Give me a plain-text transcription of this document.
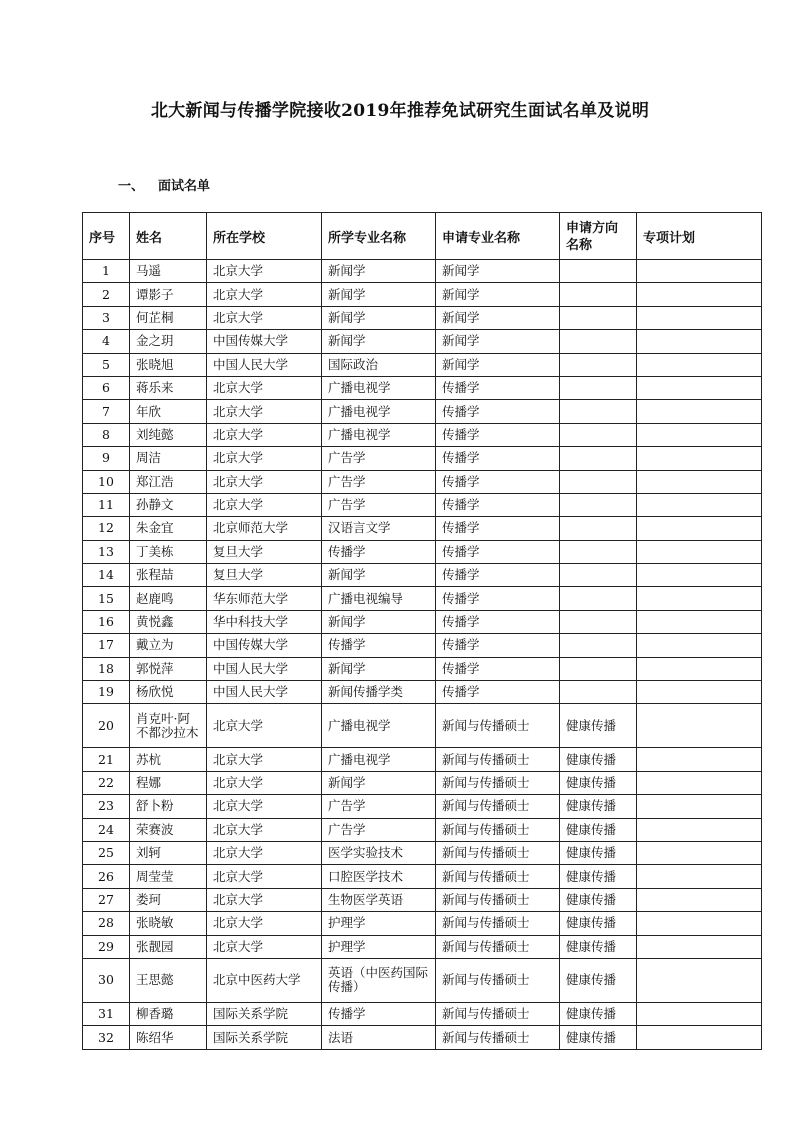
北大新闻与传播学院接收2019年推荐免试研究生面试名单及说明
一、 面试名单
序号	姓名	所在学校	所学专业名称	申请专业名称	申请方向名称	专项计划
1	马遥	北京大学	新闻学	新闻学		
2	谭影子	北京大学	新闻学	新闻学		
3	何芷桐	北京大学	新闻学	新闻学		
4	金之玥	中国传媒大学	新闻学	新闻学		
5	张晓旭	中国人民大学	国际政治	新闻学		
6	蒋乐来	北京大学	广播电视学	传播学		
7	年欣	北京大学	广播电视学	传播学		
8	刘纯懿	北京大学	广播电视学	传播学		
9	周洁	北京大学	广告学	传播学		
10	郑江浩	北京大学	广告学	传播学		
11	孙静文	北京大学	广告学	传播学		
12	朱金宜	北京师范大学	汉语言文学	传播学		
13	丁美栋	复旦大学	传播学	传播学		
14	张程喆	复旦大学	新闻学	传播学		
15	赵鹿鸣	华东师范大学	广播电视编导	传播学		
16	黄悦鑫	华中科技大学	新闻学	传播学		
17	戴立为	中国传媒大学	传播学	传播学		
18	郭悦萍	中国人民大学	新闻学	传播学		
19	杨欣悦	中国人民大学	新闻传播学类	传播学		
20	肖克叶·阿不都沙拉木	北京大学	广播电视学	新闻与传播硕士	健康传播	
21	苏杭	北京大学	广播电视学	新闻与传播硕士	健康传播	
22	程娜	北京大学	新闻学	新闻与传播硕士	健康传播	
23	舒卜粉	北京大学	广告学	新闻与传播硕士	健康传播	
24	荣赛波	北京大学	广告学	新闻与传播硕士	健康传播	
25	刘轲	北京大学	医学实验技术	新闻与传播硕士	健康传播	
26	周莹莹	北京大学	口腔医学技术	新闻与传播硕士	健康传播	
27	娄珂	北京大学	生物医学英语	新闻与传播硕士	健康传播	
28	张晓敏	北京大学	护理学	新闻与传播硕士	健康传播	
29	张靓园	北京大学	护理学	新闻与传播硕士	健康传播	
30	王思懿	北京中医药大学	英语（中医药国际传播）	新闻与传播硕士	健康传播	
31	柳香璐	国际关系学院	传播学	新闻与传播硕士	健康传播	
32	陈绍华	国际关系学院	法语	新闻与传播硕士	健康传播	
